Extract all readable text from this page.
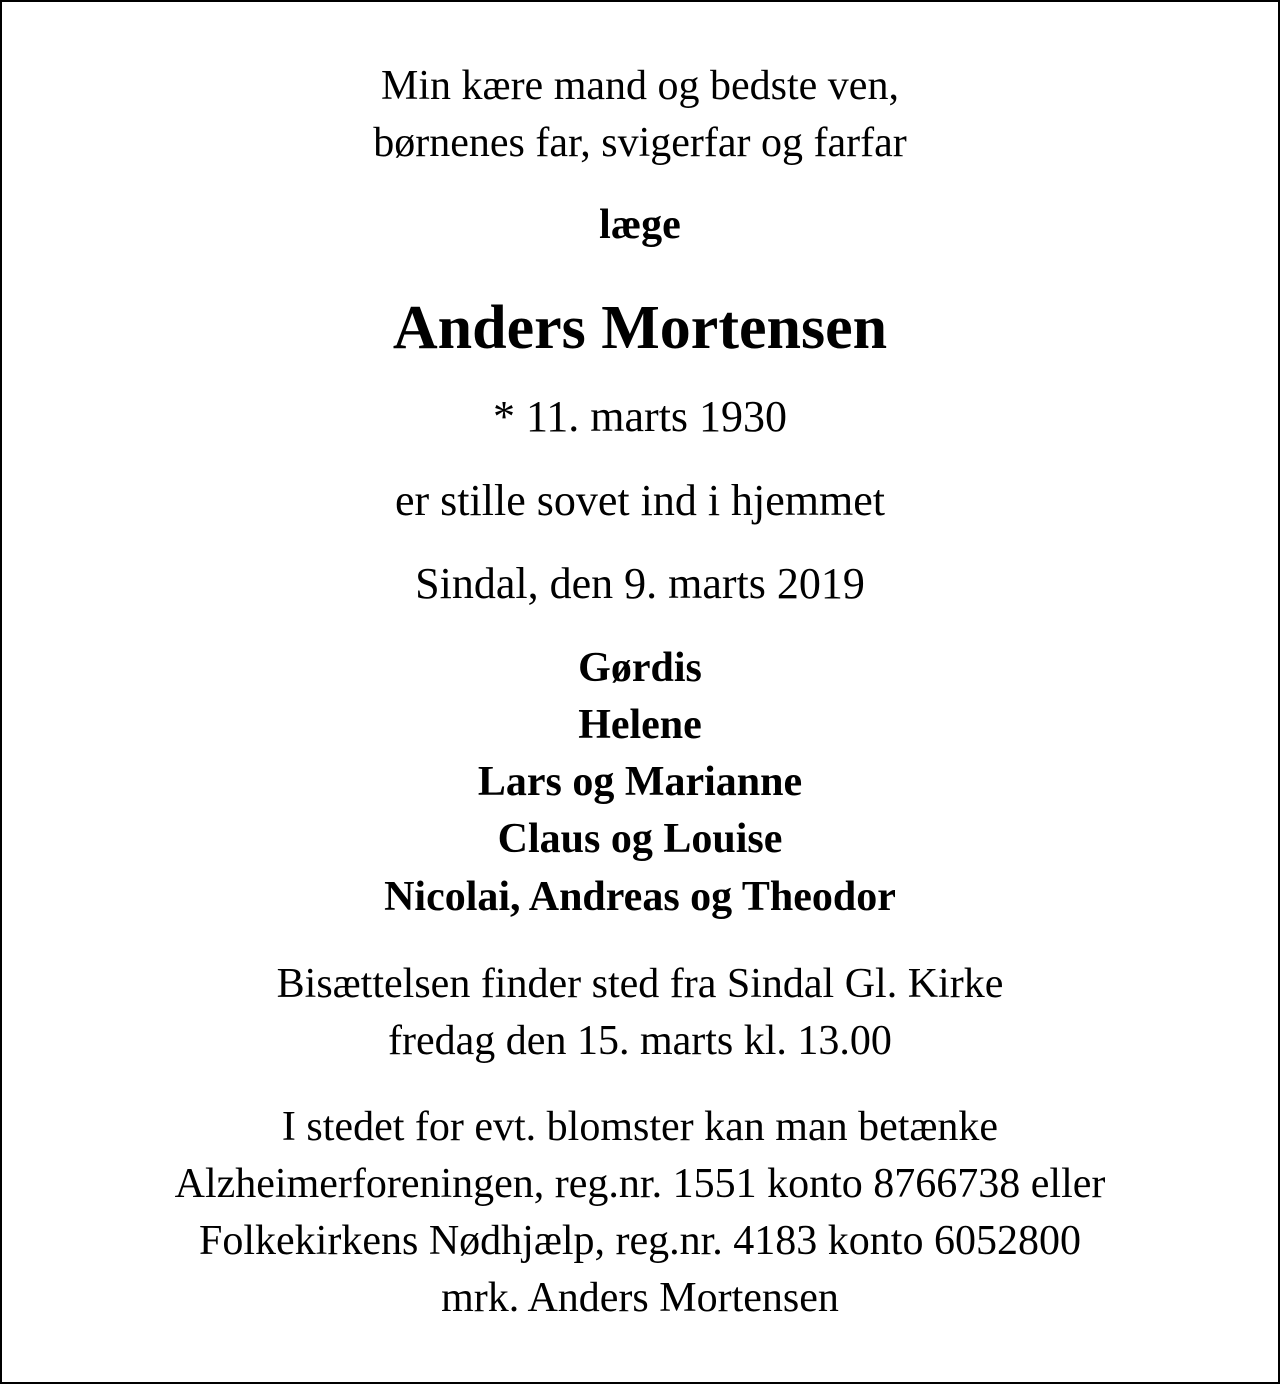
Min kære mand og bedste ven,

børnenes far, svigerfar og farfar

læge

Anders Mortensen

* 11. marts 1930

er stille sovet ind i hjemmet

Sindal, den 9. marts 2019

Gørdis

Helene

Lars og Marianne

Claus og Louise

Nicolai, Andreas og Theodor

Bisættelsen finder sted fra Sindal Gl. Kirke

fredag den 15. marts kl. 13.00

I stedet for evt. blomster kan man betænke

Alzheimerforeningen, reg.nr. 1551 konto 8766738 eller

Folkekirkens Nødhjælp, reg.nr. 4183 konto 6052800

mrk. Anders Mortensen
